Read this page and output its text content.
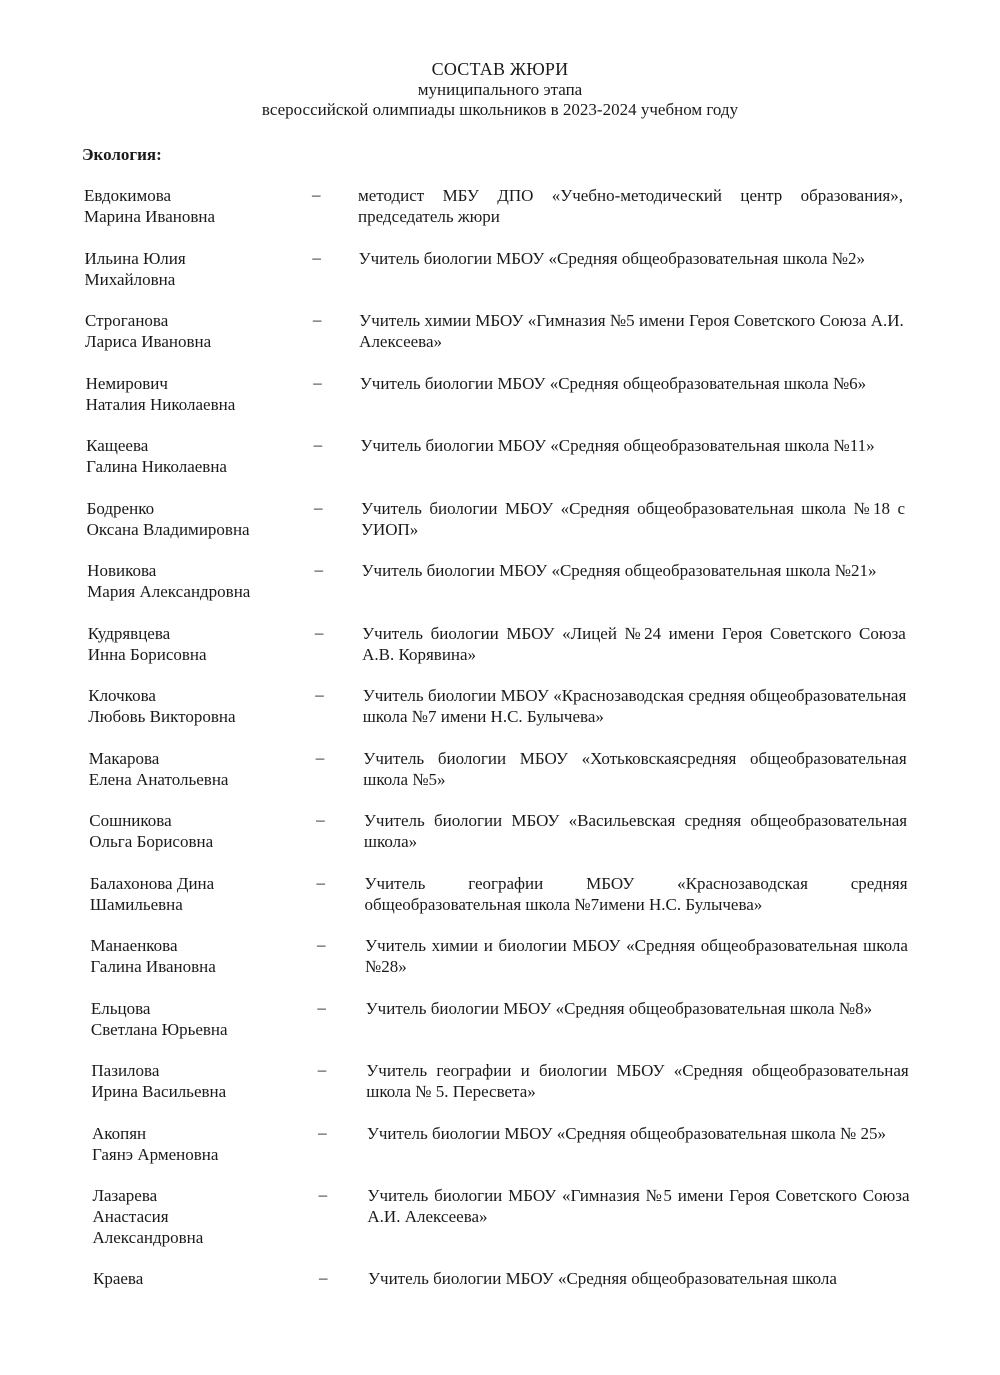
СОСТАВ ЖЮРИ
муниципального этапа
всероссийской олимпиады школьников в 2023-2024 учебном году
Экология:
Евдокимова
Марина Ивановна
– методист МБУ ДПО «Учебно-методический центр образования», председатель жюри
Ильина Юлия
Михайловна
– Учитель биологии МБОУ «Средняя общеобразовательная школа №2»
Строганова
Лариса Ивановна
– Учитель химии МБОУ «Гимназия №5 имени Героя Советского Союза А.И. Алексеева»
Немирович
Наталия Николаевна
– Учитель биологии МБОУ «Средняя общеобразовательная школа №6»
Кащеева
Галина Николаевна
– Учитель биологии МБОУ «Средняя общеобразовательная школа №11»
Бодренко
Оксана Владимировна
– Учитель биологии МБОУ «Средняя общеобразовательная школа №18 с УИОП»
Новикова
Мария Александровна
– Учитель биологии МБОУ «Средняя общеобразовательная школа №21»
Кудрявцева
Инна Борисовна
– Учитель биологии МБОУ «Лицей №24 имени Героя Советского Союза А.В. Корявина»
Клочкова
Любовь Викторовна
– Учитель биологии МБОУ «Краснозаводская средняя общеобразовательная школа №7 имени Н.С. Булычева»
Макарова
Елена Анатольевна
– Учитель биологии МБОУ «Хотьковскаясредняя общеобразовательная школа №5»
Сошникова
Ольга Борисовна
– Учитель биологии МБОУ «Васильевская средняя общеобразовательная школа»
Балахонова Дина
Шамильевна
– Учитель географии МБОУ «Краснозаводская средняя общеобразовательная школа №7имени Н.С. Булычева»
Манаенкова
Галина Ивановна
– Учитель химии и биологии МБОУ «Средняя общеобразовательная школа №28»
Ельцова
Светлана Юрьевна
– Учитель биологии МБОУ «Средняя общеобразовательная школа №8»
Пазилова
Ирина Васильевна
– Учитель географии и биологии МБОУ «Средняя общеобразовательная школа № 5. Пересвета»
Акопян
Гаянэ Арменовна
– Учитель биологии МБОУ «Средняя общеобразовательная школа № 25»
Лазарева
Анастасия
Александровна
– Учитель биологии МБОУ «Гимназия №5 имени Героя Советского Союза А.И. Алексеева»
Краева	– Учитель биологии МБОУ «Средняя общеобразовательная школа
